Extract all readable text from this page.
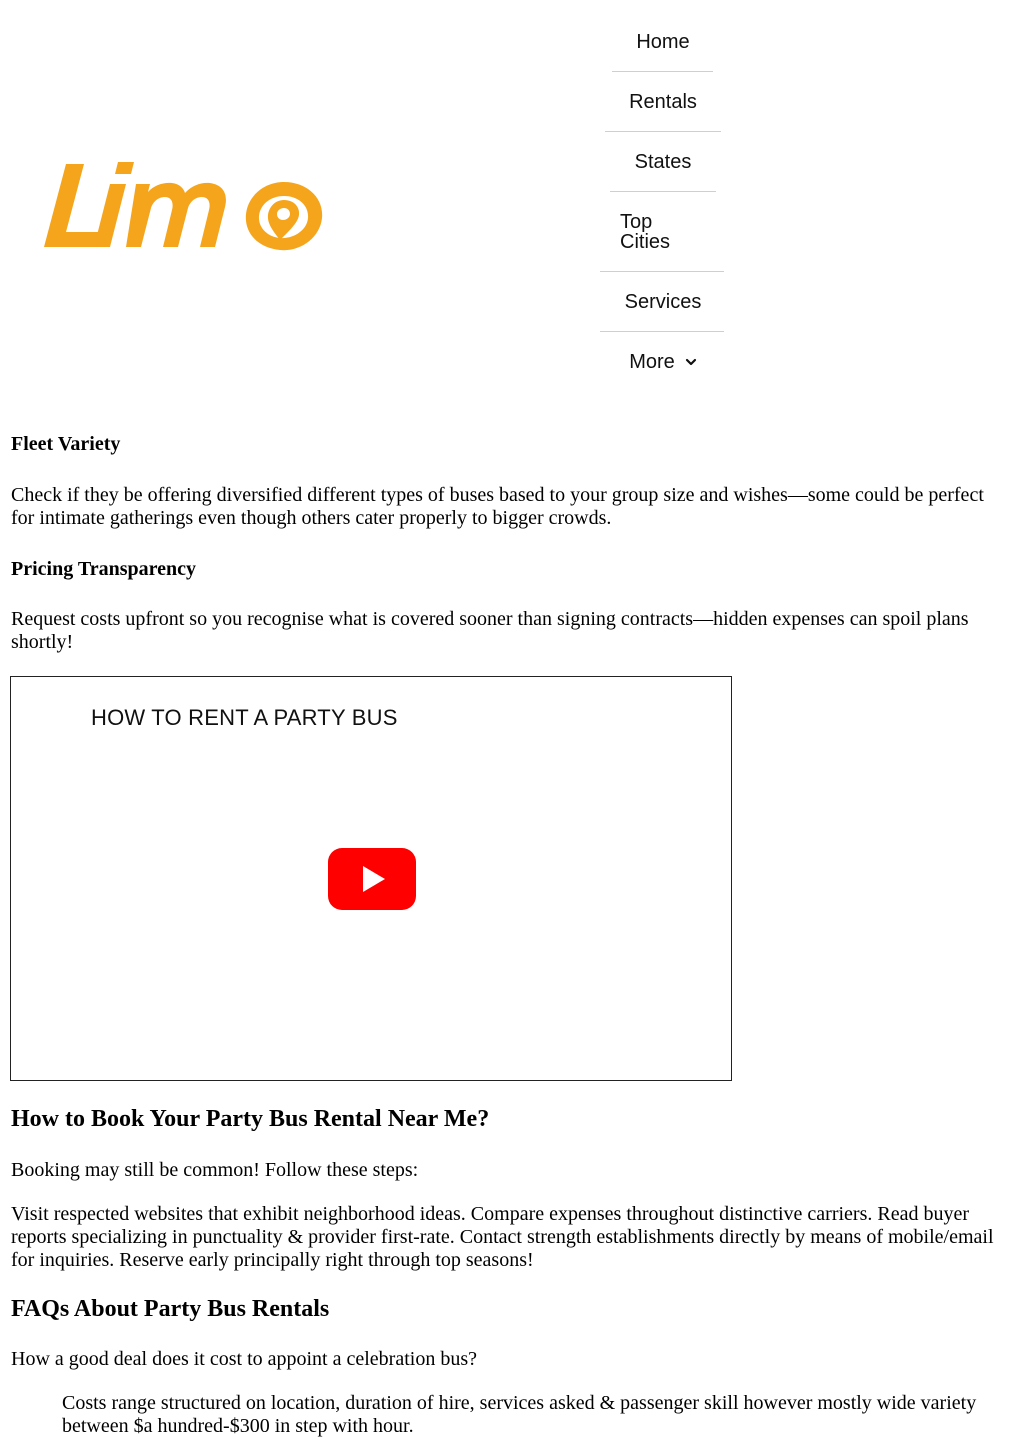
Home
Rentals
States
Top
Cities
Services
More
Fleet Variety

Check if they be offering diversified different types of buses based to your group size and wishes—some could be perfect for intimate gatherings even though others cater properly to bigger crowds.

Pricing Transparency

Request costs upfront so you recognise what is covered sooner than signing contracts—hidden expenses can spoil plans shortly!

HOW TO RENT A PARTY BUS
How to Book Your Party Bus Rental Near Me?

Booking may still be common! Follow these steps:

Visit respected websites that exhibit neighborhood ideas. Compare expenses throughout distinctive carriers. Read buyer reports specializing in punctuality & provider first-rate. Contact strength establishments directly by means of mobile/email for inquiries. Reserve early principally right through top seasons!

FAQs About Party Bus Rentals

How a good deal does it cost to appoint a celebration bus?

Costs range structured on location, duration of hire, services asked & passenger skill however mostly wide variety between $a hundred-$300 in step with hour.
